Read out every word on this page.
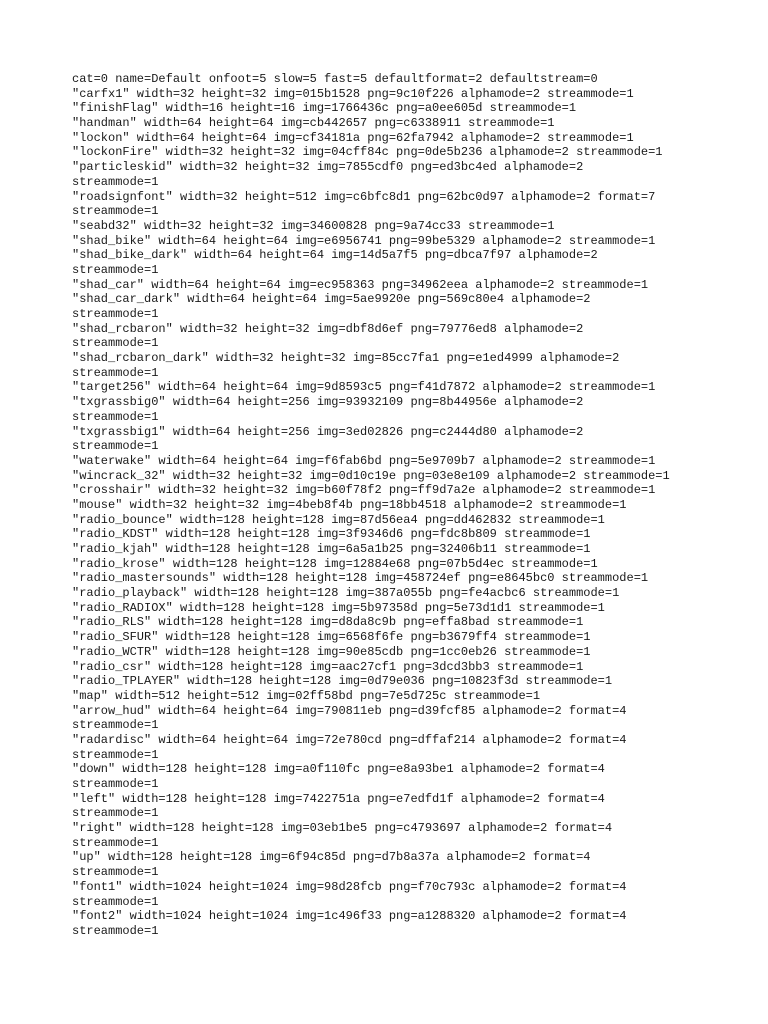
cat=0 name=Default onfoot=5 slow=5 fast=5 defaultformat=2 defaultstream=0
"carfx1" width=32 height=32 img=015b1528 png=9c10f226 alphamode=2 streammode=1
"finishFlag" width=16 height=16 img=1766436c png=a0ee605d streammode=1
"handman" width=64 height=64 img=cb442657 png=c6338911 streammode=1
"lockon" width=64 height=64 img=cf34181a png=62fa7942 alphamode=2 streammode=1
"lockonFire" width=32 height=32 img=04cff84c png=0de5b236 alphamode=2 streammode=1
"particleskid" width=32 height=32 img=7855cdf0 png=ed3bc4ed alphamode=2
streammode=1
"roadsignfont" width=32 height=512 img=c6bfc8d1 png=62bc0d97 alphamode=2 format=7
streammode=1
"seabd32" width=32 height=32 img=34600828 png=9a74cc33 streammode=1
"shad_bike" width=64 height=64 img=e6956741 png=99be5329 alphamode=2 streammode=1
"shad_bike_dark" width=64 height=64 img=14d5a7f5 png=dbca7f97 alphamode=2
streammode=1
"shad_car" width=64 height=64 img=ec958363 png=34962eea alphamode=2 streammode=1
"shad_car_dark" width=64 height=64 img=5ae9920e png=569c80e4 alphamode=2
streammode=1
"shad_rcbaron" width=32 height=32 img=dbf8d6ef png=79776ed8 alphamode=2
streammode=1
"shad_rcbaron_dark" width=32 height=32 img=85cc7fa1 png=e1ed4999 alphamode=2
streammode=1
"target256" width=64 height=64 img=9d8593c5 png=f41d7872 alphamode=2 streammode=1
"txgrassbig0" width=64 height=256 img=93932109 png=8b44956e alphamode=2
streammode=1
"txgrassbig1" width=64 height=256 img=3ed02826 png=c2444d80 alphamode=2
streammode=1
"waterwake" width=64 height=64 img=f6fab6bd png=5e9709b7 alphamode=2 streammode=1
"wincrack_32" width=32 height=32 img=0d10c19e png=03e8e109 alphamode=2 streammode=1
"crosshair" width=32 height=32 img=b60f78f2 png=ff9d7a2e alphamode=2 streammode=1
"mouse" width=32 height=32 img=4beb8f4b png=18bb4518 alphamode=2 streammode=1
"radio_bounce" width=128 height=128 img=87d56ea4 png=dd462832 streammode=1
"radio_KDST" width=128 height=128 img=3f9346d6 png=fdc8b809 streammode=1
"radio_kjah" width=128 height=128 img=6a5a1b25 png=32406b11 streammode=1
"radio_krose" width=128 height=128 img=12884e68 png=07b5d4ec streammode=1
"radio_mastersounds" width=128 height=128 img=458724ef png=e8645bc0 streammode=1
"radio_playback" width=128 height=128 img=387a055b png=fe4acbc6 streammode=1
"radio_RADIOX" width=128 height=128 img=5b97358d png=5e73d1d1 streammode=1
"radio_RLS" width=128 height=128 img=d8da8c9b png=effa8bad streammode=1
"radio_SFUR" width=128 height=128 img=6568f6fe png=b3679ff4 streammode=1
"radio_WCTR" width=128 height=128 img=90e85cdb png=1cc0eb26 streammode=1
"radio_csr" width=128 height=128 img=aac27cf1 png=3dcd3bb3 streammode=1
"radio_TPLAYER" width=128 height=128 img=0d79e036 png=10823f3d streammode=1
"map" width=512 height=512 img=02ff58bd png=7e5d725c streammode=1
"arrow_hud" width=64 height=64 img=790811eb png=d39fcf85 alphamode=2 format=4
streammode=1
"radardisc" width=64 height=64 img=72e780cd png=dffaf214 alphamode=2 format=4
streammode=1
"down" width=128 height=128 img=a0f110fc png=e8a93be1 alphamode=2 format=4
streammode=1
"left" width=128 height=128 img=7422751a png=e7edfd1f alphamode=2 format=4
streammode=1
"right" width=128 height=128 img=03eb1be5 png=c4793697 alphamode=2 format=4
streammode=1
"up" width=128 height=128 img=6f94c85d png=d7b8a37a alphamode=2 format=4
streammode=1
"font1" width=1024 height=1024 img=98d28fcb png=f70c793c alphamode=2 format=4
streammode=1
"font2" width=1024 height=1024 img=1c496f33 png=a1288320 alphamode=2 format=4
streammode=1
